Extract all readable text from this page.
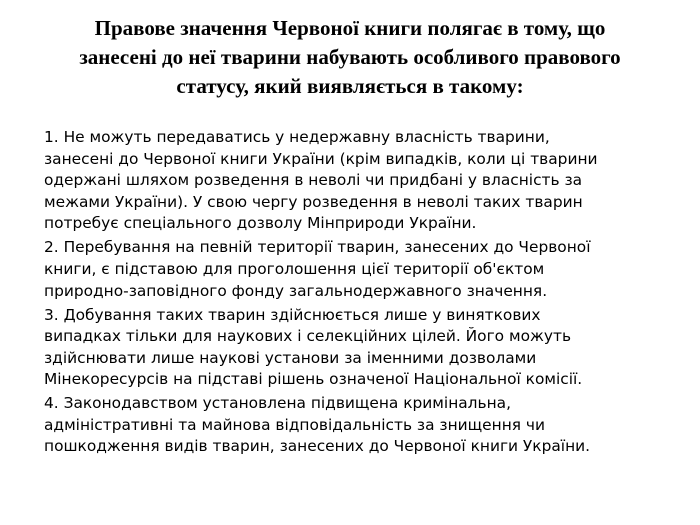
Правове значення Червоної книги полягає в тому, що
занесені до неї тварини набувають особливого правового
статусу, який виявляється в такому:

1. Не можуть передаватись у недержавну власність тварини,
занесені до Червоної книги України (крім випадків, коли ці тварини
одержані шляхом розведення в неволі чи придбані у власність за
межами України). У свою чергу розведення в неволі таких тварин
потребує спеціального дозволу Мінприроди України.

2. Перебування на певній території тварин, занесених до Червоної
книги, є підставою для проголошення цієї території об'єктом
природно-заповідного фонду загальнодержавного значення.

3. Добування таких тварин здійснюється лише у виняткових
випадках тільки для наукових і селекційних цілей. Його можуть
здійснювати лише наукові установи за іменними дозволами
Мінекоресурсів на підставі рішень означеної Національної комісії.

4. Законодавством установлена підвищена кримінальна,
адміністративні та майнова відповідальність за знищення чи
пошкодження видів тварин, занесених до Червоної книги України.
